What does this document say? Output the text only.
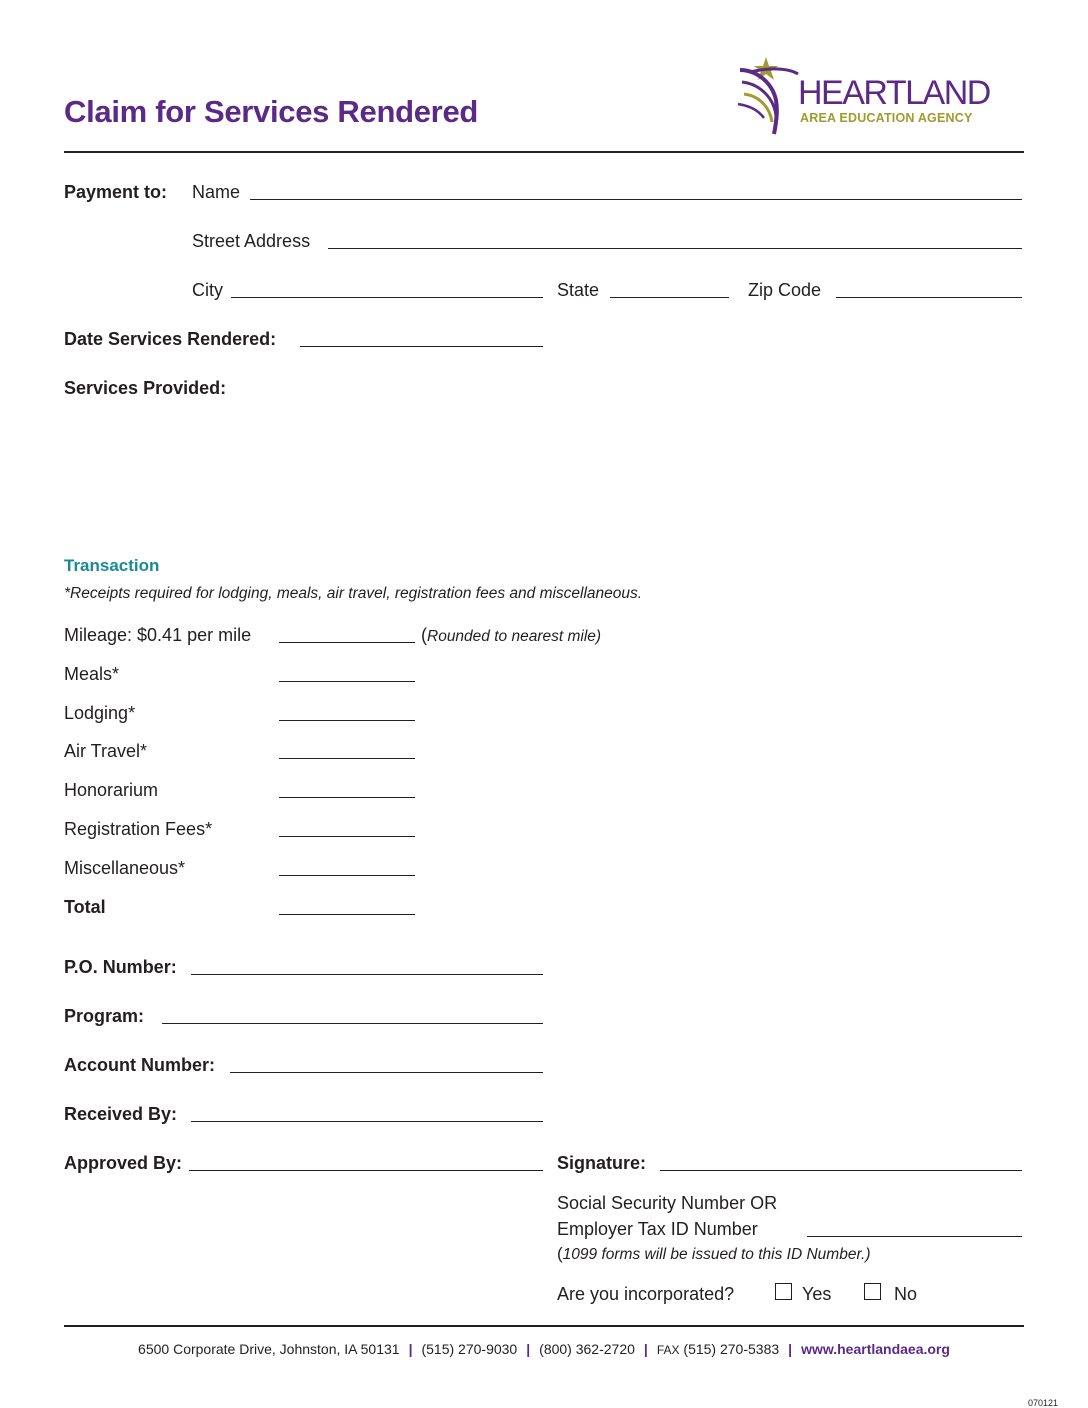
Claim for Services Rendered	HEARTLAND
AREA EDUCATION AGENCY
Payment to: Name
Street Address
City	State	Zip Code
Date Services Rendered:
Services Provided:
Transaction
*Receipts required for lodging, meals, air travel, registration fees and miscellaneous.
Mileage: $0.41 per mile	(Rounded to nearest mile)
Meals*
Lodging*
Air Travel*
Honorarium
Registration Fees*
Miscellaneous*
Total
P.O. Number:
Program:
Account Number:
Received By:
Approved By:	Signature:
Social Security Number OR
Employer Tax ID Number
(1099 forms will be issued to this ID Number.)
Are you incorporated?	Yes	No
6500 Corporate Drive, Johnston, IA 50131 | (515) 270-9030 | (800) 362-2720 | FAX (515) 270-5383 | www.heartlandaea.org
070121
